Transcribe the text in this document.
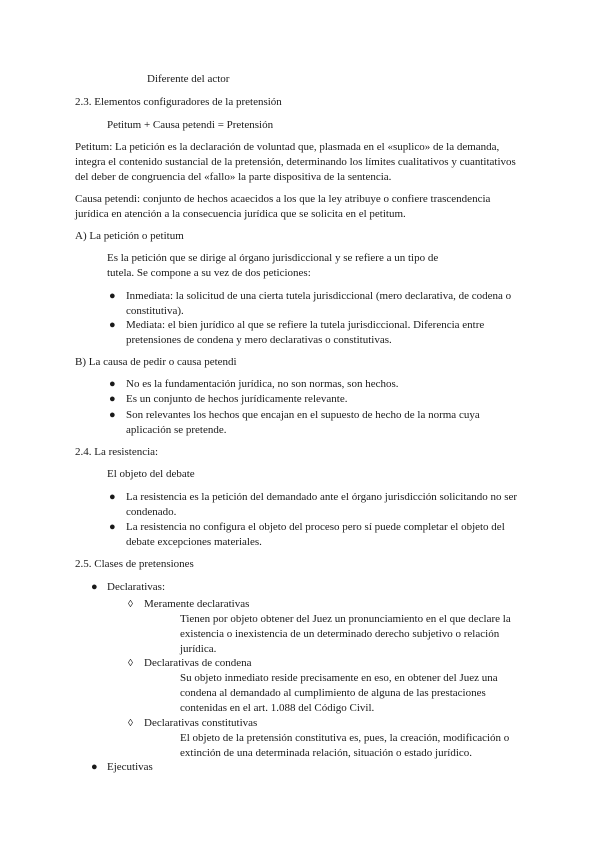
Diferente del actor
2.3. Elementos configuradores de la pretensión
Petitum + Causa petendi = Pretensión
Petitum: La petición es la declaración de voluntad que, plasmada en el «suplico» de la demanda,
integra el contenido sustancial de la pretensión, determinando los límites cualitativos y cuantitativos
del deber de congruencia del «fallo» la parte dispositiva de la sentencia.
Causa petendi: conjunto de hechos acaecidos a los que la ley atribuye o confiere trascendencia
jurídica en atención a la consecuencia jurídica que se solicita en el petitum.
A) La petición o petitum
Es la petición que se dirige al órgano jurisdiccional y se refiere a un tipo de
tutela. Se compone a su vez de dos peticiones:
● Inmediata: la solicitud de una cierta tutela jurisdiccional (mero declarativa, de codena o
constitutiva).
● Mediata: el bien jurídico al que se refiere la tutela jurisdiccional. Diferencia entre
pretensiones de condena y mero declarativas o constitutivas.
B) La causa de pedir o causa petendi
● No es la fundamentación jurídica, no son normas, son hechos.
● Es un conjunto de hechos jurídicamente relevante.
● Son relevantes los hechos que encajan en el supuesto de hecho de la norma cuya
aplicación se pretende.
2.4. La resistencia:
El objeto del debate
● La resistencia es la petición del demandado ante el órgano jurisdicción solicitando no ser
condenado.
● La resistencia no configura el objeto del proceso pero sí puede completar el objeto del
debate excepciones materiales.
2.5. Clases de pretensiones
● Declarativas:
◊ Meramente declarativas
Tienen por objeto obtener del Juez un pronunciamiento en el que declare la
existencia o inexistencia de un determinado derecho subjetivo o relación
jurídica.
◊ Declarativas de condena
Su objeto inmediato reside precisamente en eso, en obtener del Juez una
condena al demandado al cumplimiento de alguna de las prestaciones
contenidas en el art. 1.088 del Código Civil.
◊ Declarativas constitutivas
El objeto de la pretensión constitutiva es, pues, la creación, modificación o
extinción de una determinada relación, situación o estado jurídico.
● Ejecutivas
